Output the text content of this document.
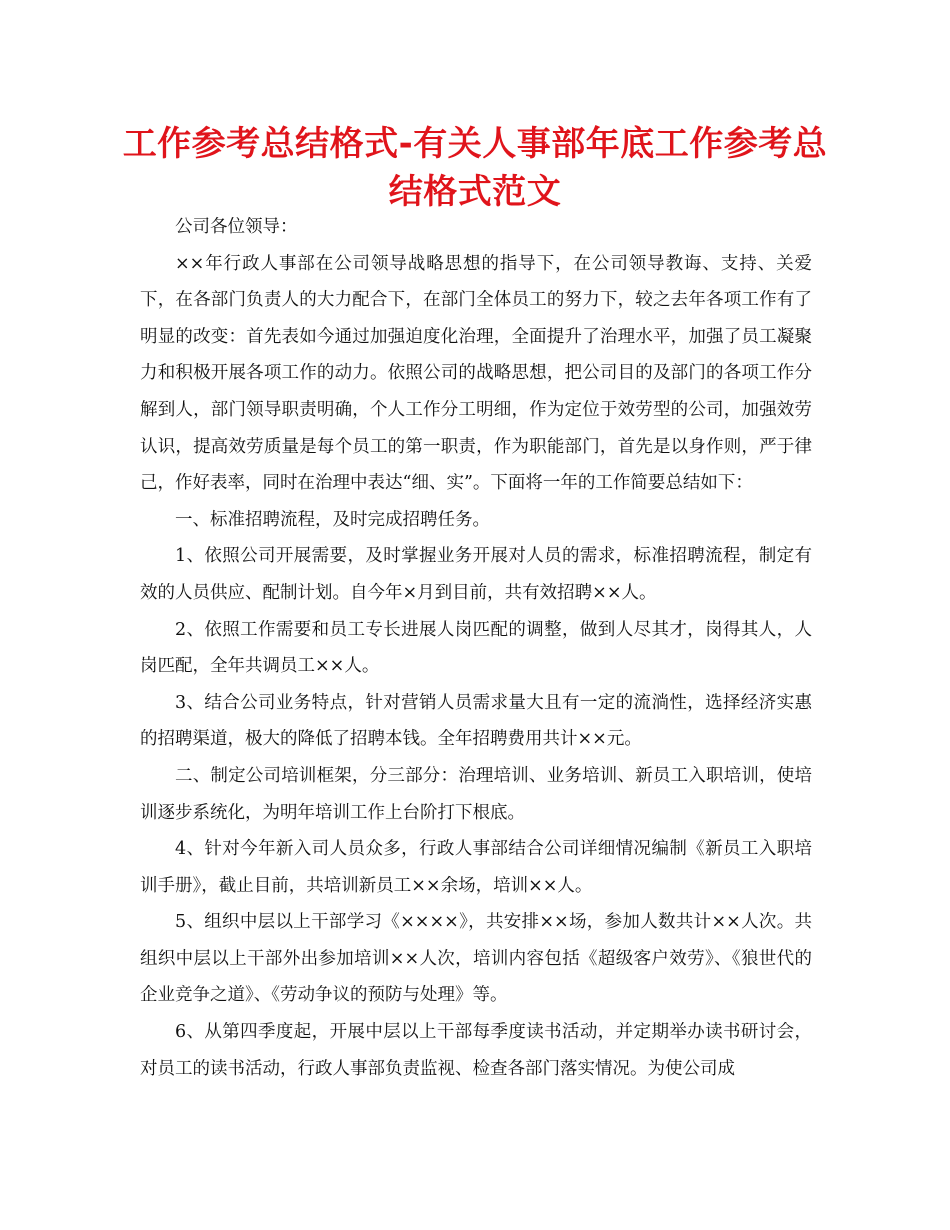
工作参考总结格式-有关人事部年底工作参考总结格式范文

公司各位领导：

××年行政人事部在公司领导战略思想的指导下，在公司领导教诲、支持、关爱下，在各部门负责人的大力配合下，在部门全体员工的努力下，较之去年各项工作有了明显的改变：首先表如今通过加强迫度化治理，全面提升了治理水平，加强了员工凝聚力和积极开展各项工作的动力。依照公司的战略思想，把公司目的及部门的各项工作分解到人，部门领导职责明确，个人工作分工明细，作为定位于效劳型的公司，加强效劳认识，提高效劳质量是每个员工的第一职责，作为职能部门，首先是以身作则，严于律己，作好表率，同时在治理中表达“细、实”。下面将一年的工作简要总结如下：

一、标准招聘流程，及时完成招聘任务。

1、依照公司开展需要，及时掌握业务开展对人员的需求，标准招聘流程，制定有效的人员供应、配制计划。自今年×月到目前，共有效招聘××人。

2、依照工作需要和员工专长进展人岗匹配的调整，做到人尽其才，岗得其人，人岗匹配，全年共调员工××人。

3、结合公司业务特点，针对营销人员需求量大且有一定的流淌性，选择经济实惠的招聘渠道，极大的降低了招聘本钱。全年招聘费用共计××元。

二、制定公司培训框架，分三部分：治理培训、业务培训、新员工入职培训，使培训逐步系统化，为明年培训工作上台阶打下根底。

4、针对今年新入司人员众多，行政人事部结合公司详细情况编制《新员工入职培训手册》，截止目前，共培训新员工××余场，培训××人。

5、组织中层以上干部学习《××××》，共安排××场，参加人数共计××人次。共组织中层以上干部外出参加培训××人次，培训内容包括《超级客户效劳》、《狼世代的企业竞争之道》、《劳动争议的预防与处理》等。

6、从第四季度起，开展中层以上干部每季度读书活动，并定期举办读书研讨会，对员工的读书活动，行政人事部负责监视、检查各部门落实情况。为使公司成
